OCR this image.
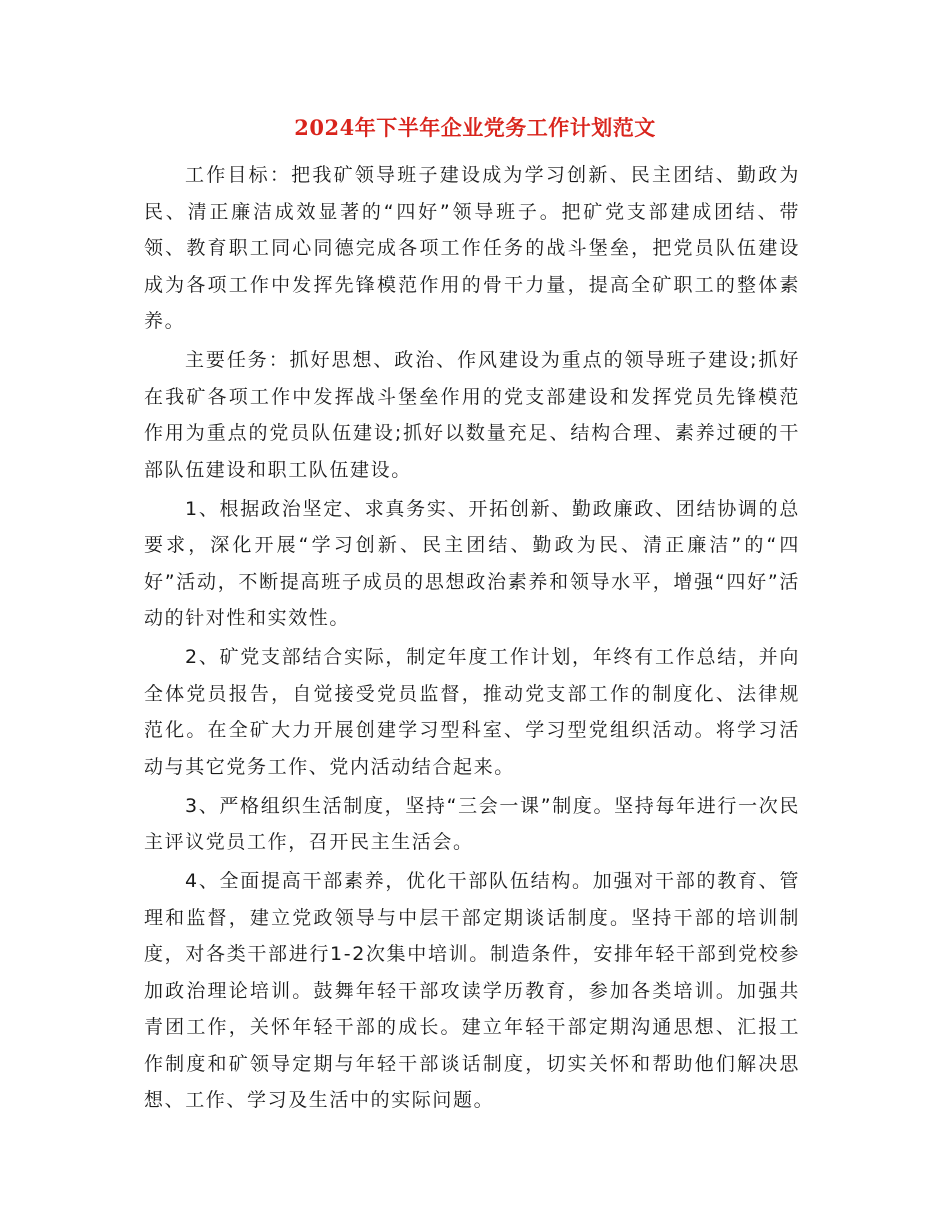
2024年下半年企业党务工作计划范文

工作目标：把我矿领导班子建设成为学习创新、民主团结、勤政为民、清正廉洁成效显著的“四好”领导班子。把矿党支部建成团结、带领、教育职工同心同德完成各项工作任务的战斗堡垒，把党员队伍建设成为各项工作中发挥先锋模范作用的骨干力量，提高全矿职工的整体素养。

主要任务：抓好思想、政治、作风建设为重点的领导班子建设;抓好在我矿各项工作中发挥战斗堡垒作用的党支部建设和发挥党员先锋模范作用为重点的党员队伍建设;抓好以数量充足、结构合理、素养过硬的干部队伍建设和职工队伍建设。

1、根据政治坚定、求真务实、开拓创新、勤政廉政、团结协调的总要求，深化开展“学习创新、民主团结、勤政为民、清正廉洁”的“四好”活动，不断提高班子成员的思想政治素养和领导水平，增强“四好”活动的针对性和实效性。

2、矿党支部结合实际，制定年度工作计划，年终有工作总结，并向全体党员报告，自觉接受党员监督，推动党支部工作的制度化、法律规范化。在全矿大力开展创建学习型科室、学习型党组织活动。将学习活动与其它党务工作、党内活动结合起来。

3、严格组织生活制度，坚持“三会一课”制度。坚持每年进行一次民主评议党员工作，召开民主生活会。

4、全面提高干部素养，优化干部队伍结构。加强对干部的教育、管理和监督，建立党政领导与中层干部定期谈话制度。坚持干部的培训制度，对各类干部进行1-2次集中培训。制造条件，安排年轻干部到党校参加政治理论培训。鼓舞年轻干部攻读学历教育，参加各类培训。加强共青团工作，关怀年轻干部的成长。建立年轻干部定期沟通思想、汇报工作制度和矿领导定期与年轻干部谈话制度，切实关怀和帮助他们解决思想、工作、学习及生活中的实际问题。
